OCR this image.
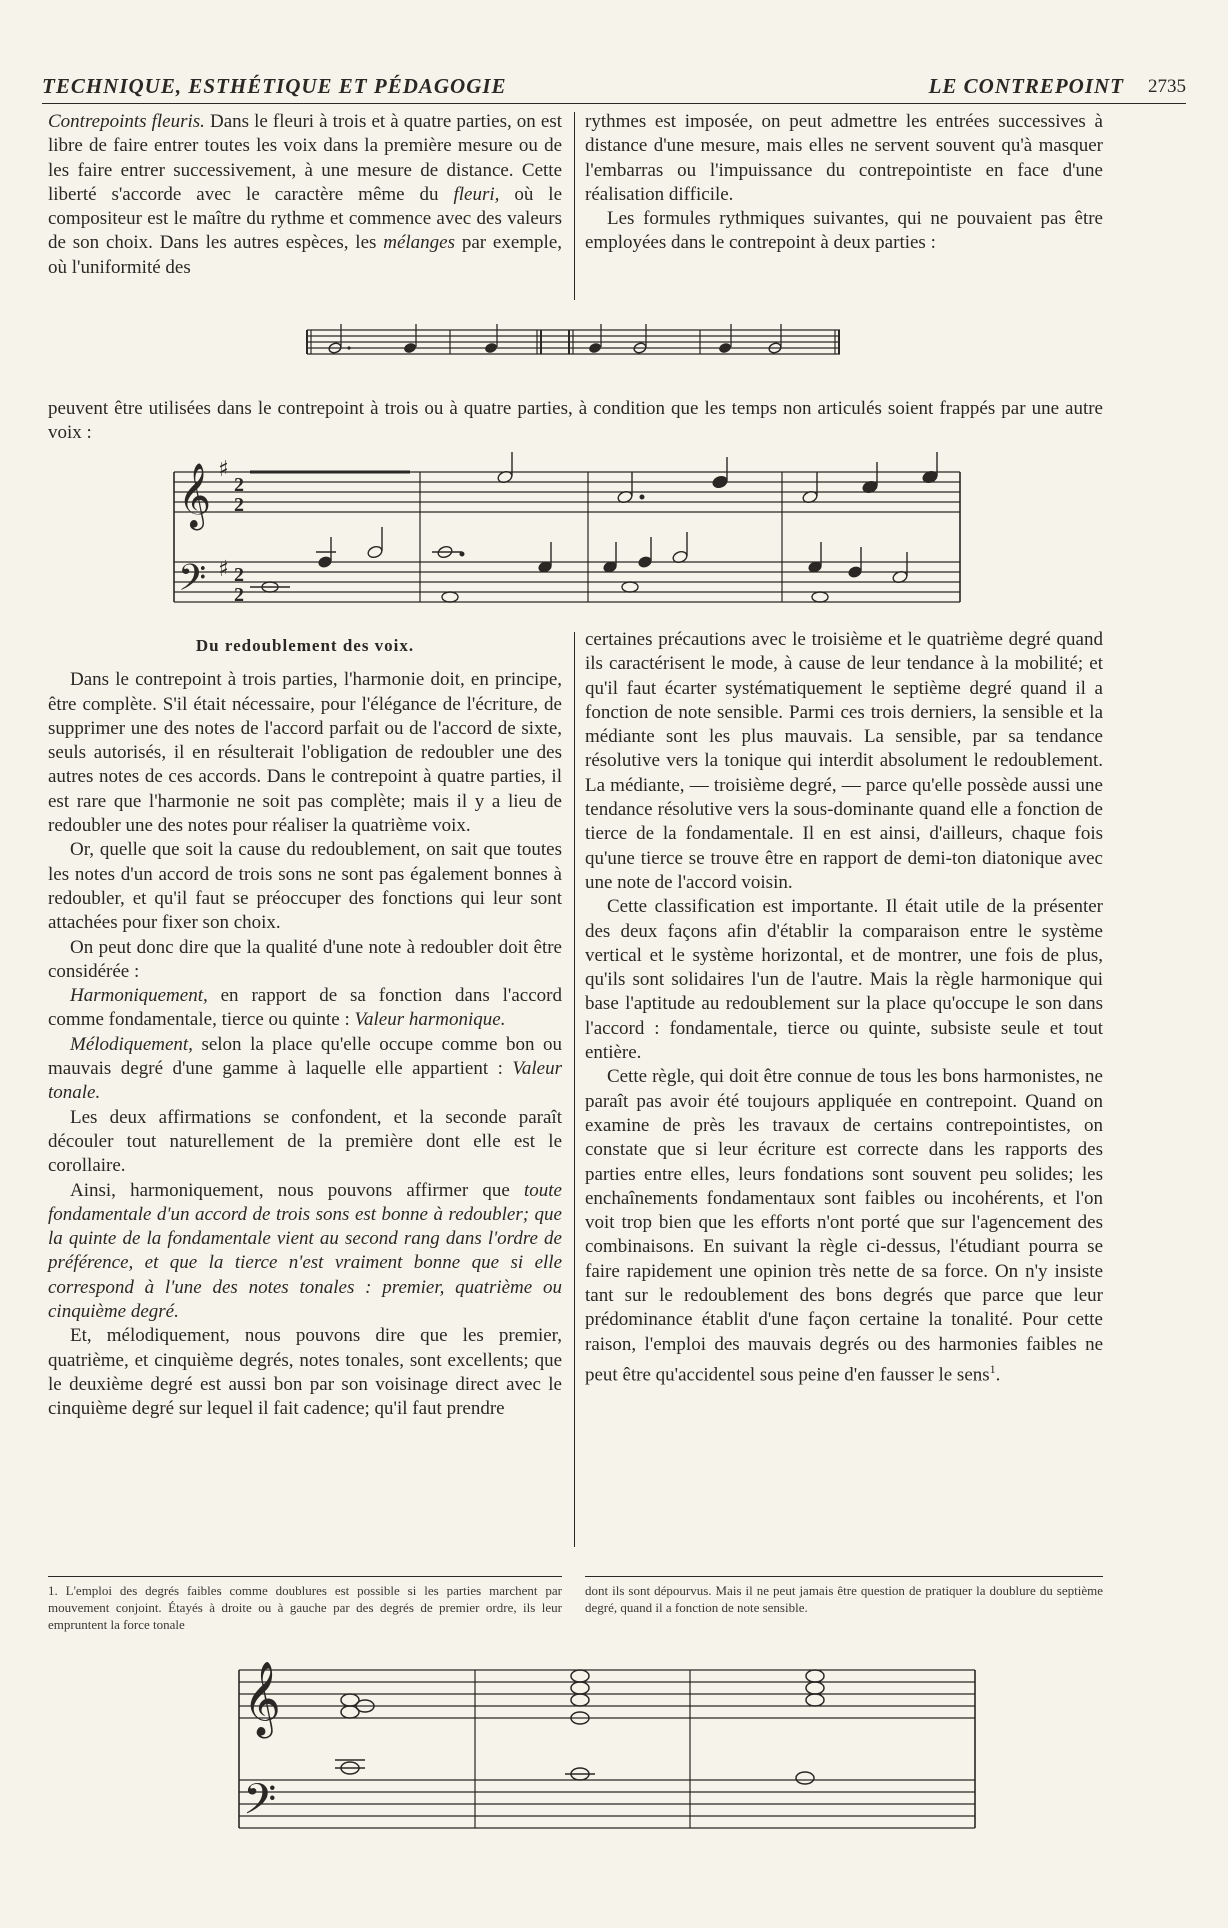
TECHNIQUE, ESTHÉTIQUE ET PÉDAGOGIE	LE CONTREPOINT 2735

Contrepoints fleuris. Dans le fleuri à trois et à quatre parties, on est libre de faire entrer toutes les voix dans la première mesure ou de les faire entrer successivement, à une mesure de distance. Cette liberté s'accorde avec le caractère même du fleuri, où le compositeur est le maître du rythme et commence avec des valeurs de son choix. Dans les autres espèces, les mélanges par exemple, où l'uniformité des

rythmes est imposée, on peut admettre les entrées successives à distance d'une mesure, mais elles ne servent souvent qu'à masquer l'embarras ou l'impuissance du contrepointiste en face d'une réalisation difficile.

Les formules rythmiques suivantes, qui ne pouvaient pas être employées dans le contrepoint à deux parties :

peuvent être utilisées dans le contrepoint à trois ou à quatre parties, à condition que les temps non articulés soient frappés par une autre voix :

𝄞
𝄢
♯
♯
2
2
2
2
Du redoublement des voix.

Dans le contrepoint à trois parties, l'harmonie doit, en principe, être complète. S'il était nécessaire, pour l'élégance de l'écriture, de supprimer une des notes de l'accord parfait ou de l'accord de sixte, seuls autorisés, il en résulterait l'obligation de redoubler une des autres notes de ces accords. Dans le contrepoint à quatre parties, il est rare que l'harmonie ne soit pas complète; mais il y a lieu de redoubler une des notes pour réaliser la quatrième voix.

Or, quelle que soit la cause du redoublement, on sait que toutes les notes d'un accord de trois sons ne sont pas également bonnes à redoubler, et qu'il faut se préoccuper des fonctions qui leur sont attachées pour fixer son choix.

On peut donc dire que la qualité d'une note à redoubler doit être considérée :

Harmoniquement, en rapport de sa fonction dans l'accord comme fondamentale, tierce ou quinte : Valeur harmonique.

Mélodiquement, selon la place qu'elle occupe comme bon ou mauvais degré d'une gamme à laquelle elle appartient : Valeur tonale.

Les deux affirmations se confondent, et la seconde paraît découler tout naturellement de la première dont elle est le corollaire.

Ainsi, harmoniquement, nous pouvons affirmer que toute fondamentale d'un accord de trois sons est bonne à redoubler; que la quinte de la fondamentale vient au second rang dans l'ordre de préférence, et que la tierce n'est vraiment bonne que si elle correspond à l'une des notes tonales : premier, quatrième ou cinquième degré.

Et, mélodiquement, nous pouvons dire que les premier, quatrième, et cinquième degrés, notes tonales, sont excellents; que le deuxième degré est aussi bon par son voisinage direct avec le cinquième degré sur lequel il fait cadence; qu'il faut prendre

certaines précautions avec le troisième et le quatrième degré quand ils caractérisent le mode, à cause de leur tendance à la mobilité; et qu'il faut écarter systématiquement le septième degré quand il a fonction de note sensible. Parmi ces trois derniers, la sensible et la médiante sont les plus mauvais. La sensible, par sa tendance résolutive vers la tonique qui interdit absolument le redoublement. La médiante, — troisième degré, — parce qu'elle possède aussi une tendance résolutive vers la sous-dominante quand elle a fonction de tierce de la fondamentale. Il en est ainsi, d'ailleurs, chaque fois qu'une tierce se trouve être en rapport de demi-ton diatonique avec une note de l'accord voisin.

Cette classification est importante. Il était utile de la présenter des deux façons afin d'établir la comparaison entre le système vertical et le système horizontal, et de montrer, une fois de plus, qu'ils sont solidaires l'un de l'autre. Mais la règle harmonique qui base l'aptitude au redoublement sur la place qu'occupe le son dans l'accord : fondamentale, tierce ou quinte, subsiste seule et tout entière.

Cette règle, qui doit être connue de tous les bons harmonistes, ne paraît pas avoir été toujours appliquée en contrepoint. Quand on examine de près les travaux de certains contrepointistes, on constate que si leur écriture est correcte dans les rapports des parties entre elles, leurs fondations sont souvent peu solides; les enchaînements fondamentaux sont faibles ou incohérents, et l'on voit trop bien que les efforts n'ont porté que sur l'agencement des combinaisons. En suivant la règle ci-dessus, l'étudiant pourra se faire rapidement une opinion très nette de sa force. On n'y insiste tant sur le redoublement des bons degrés que parce que leur prédominance établit d'une façon certaine la tonalité. Pour cette raison, l'emploi des mauvais degrés ou des harmonies faibles ne peut être qu'accidentel sous peine d'en fausser le sens$^1$.

1. L'emploi des degrés faibles comme doublures est possible si les parties marchent par mouvement conjoint. Étayés à droite ou à gauche par des degrés de premier ordre, ils leur empruntent la force tonale

dont ils sont dépourvus. Mais il ne peut jamais être question de pratiquer la doublure du septième degré, quand il a fonction de note sensible.

𝄞
𝄢
